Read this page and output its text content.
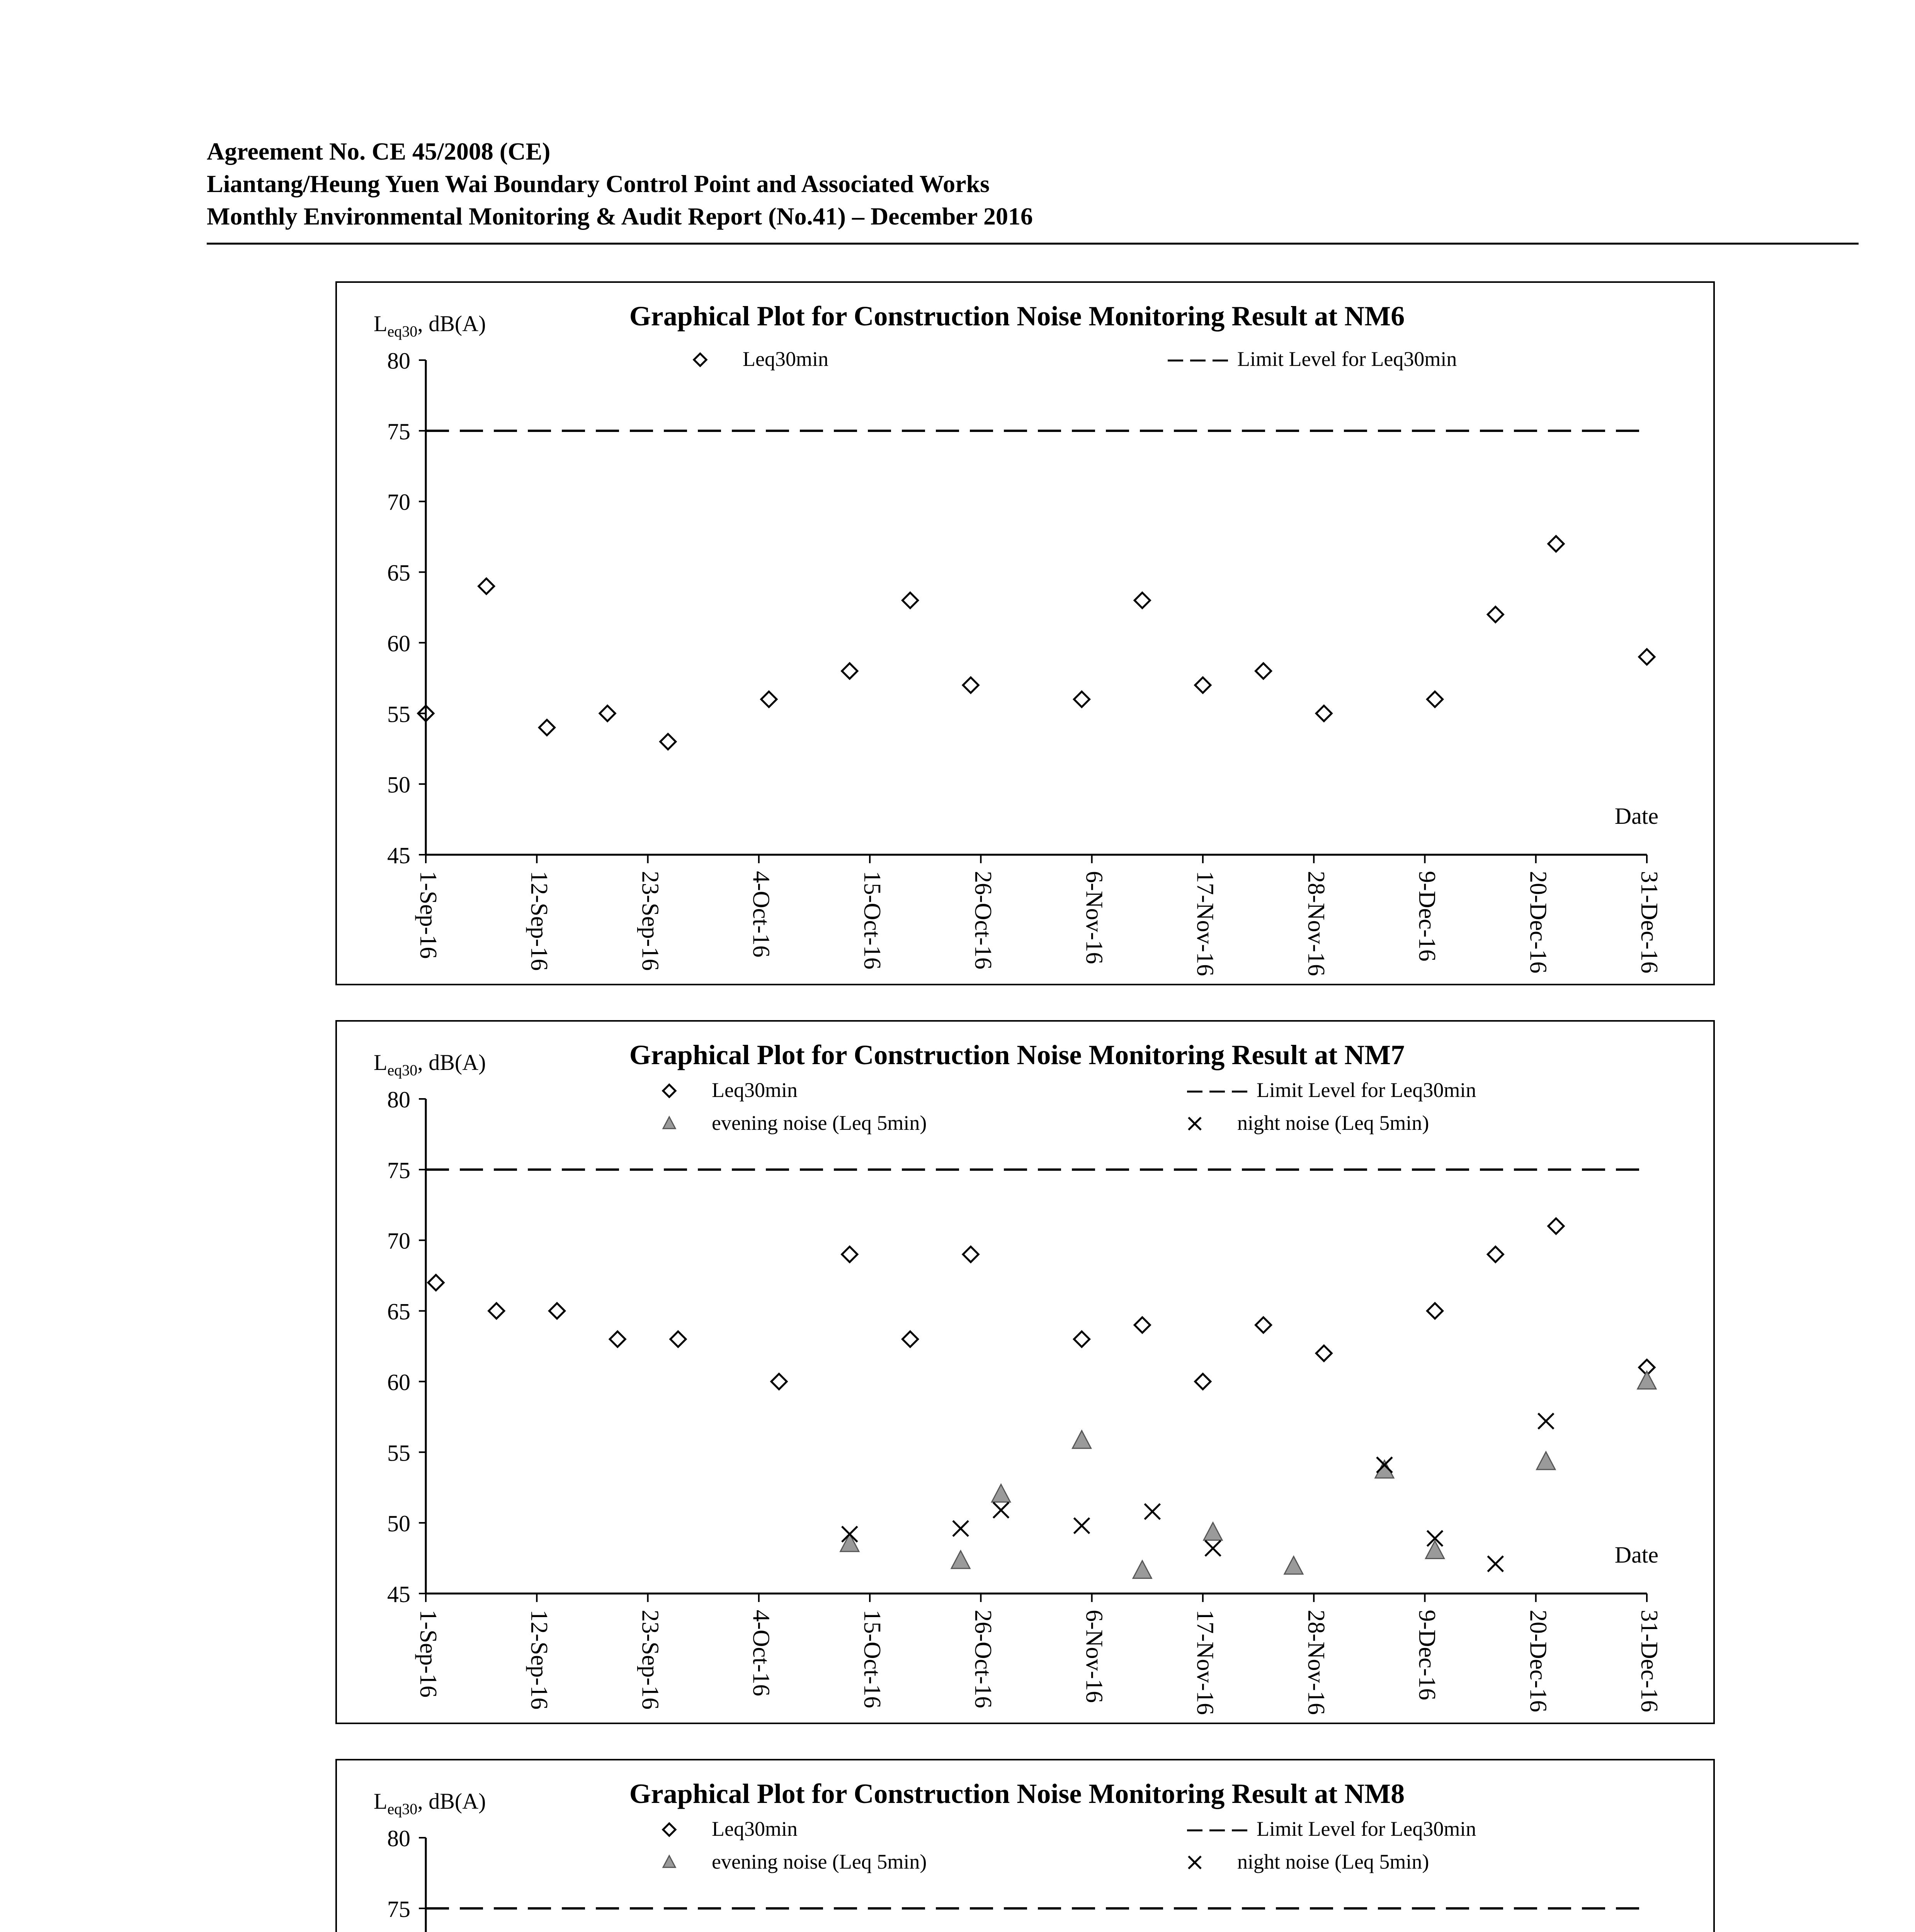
Agreement No. CE 45/2008 (CE)
Liantang/Heung Yuen Wai Boundary Control Point and Associated Works
Monthly Environmental Monitoring & Audit Report (No.41) – December 2016
Graphical Plot for Construction Noise Monitoring Result at NM6
$L_{eq30}$, dB(A)
45
50
55
60
65
70
75
80
1-Sep-16	12-Sep-16	23-Sep-16	4-Oct-16	15-Oct-16	26-Oct-16	6-Nov-16	17-Nov-16	28-Nov-16	9-Dec-16	20-Dec-16	31-Dec-16
Date
Leq30min	Limit Level for Leq30min
Graphical Plot for Construction Noise Monitoring Result at NM7
$L_{eq30}$, dB(A)
45
50
55
60
65
70
75
80
1-Sep-16	12-Sep-16	23-Sep-16	4-Oct-16	15-Oct-16	26-Oct-16	6-Nov-16	17-Nov-16	28-Nov-16	9-Dec-16	20-Dec-16	31-Dec-16
Date
Leq30min	Limit Level for Leq30min
evening noise (Leq 5min)	night noise (Leq 5min)
Graphical Plot for Construction Noise Monitoring Result at NM8
$L_{eq30}$, dB(A)
75
80	Leq30min	Limit Level for Leq30min
evening noise (Leq 5min)	night noise (Leq 5min)
